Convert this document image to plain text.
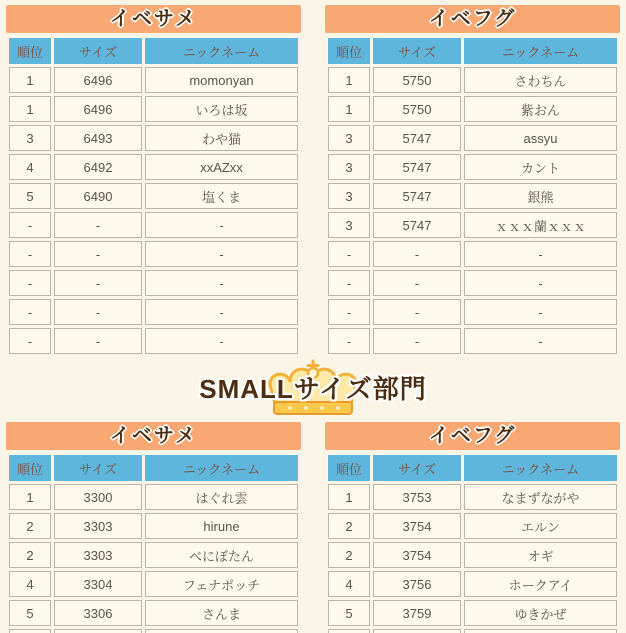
イベサメ
順位	サイズ	ニックネーム
1	6496	momonyan
1	6496	いろは坂
3	6493	わや猫
4	6492	xxAZxx
5	6490	塩くま
-	-	-
-	-	-
-	-	-
-	-	-
-	-	-
イベフグ
順位	サイズ	ニックネーム
1	5750	さわちん
1	5750	紫おん
3	5747	assyu
3	5747	カント
3	5747	銀熊
3	5747	ｘｘｘ蘭ｘｘｘ
-	-	-
-	-	-
-	-	-
-	-	-
SMALLサイズ部門
イベサメ
順位	サイズ	ニックネーム
1	3300	はぐれ雲
2	3303	hirune
2	3303	べにぼたん
4	3304	フェナポッチ
5	3306	さんま

イベフグ
順位	サイズ	ニックネーム
1	3753	なまずながや
2	3754	エルン
2	3754	オギ
4	3756	ホークアイ
5	3759	ゆきかぜ
